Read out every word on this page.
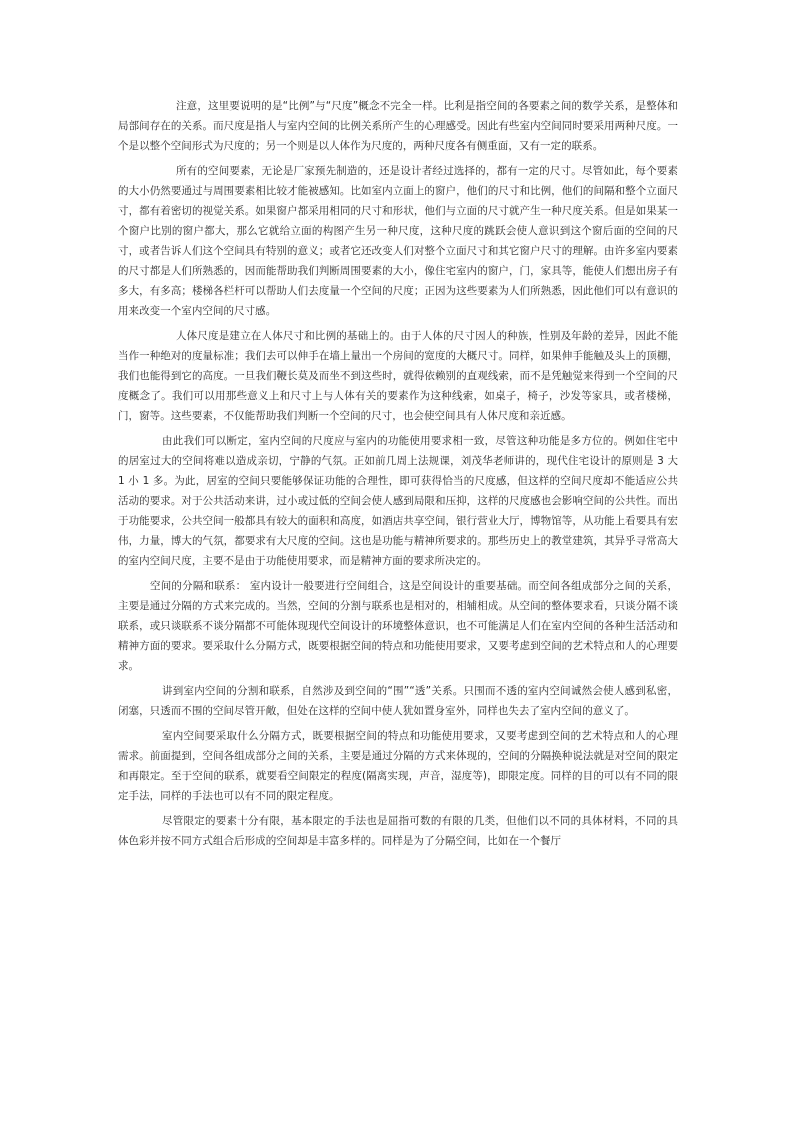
注意，这里要说明的是“比例”与“尺度”概念不完全一样。比利是指空间的各要素之间的数学关系，是整体和局部间存在的关系。而尺度是指人与室内空间的比例关系所产生的心理感受。因此有些室内空间同时要采用两种尺度。一个是以整个空间形式为尺度的；另一个则是以人体作为尺度的，两种尺度各有侧重面，又有一定的联系。

所有的空间要素，无论是厂家预先制造的，还是设计者经过选择的，都有一定的尺寸。尽管如此，每个要素的大小仍然要通过与周围要素相比较才能被感知。比如室内立面上的窗户，他们的尺寸和比例，他们的间隔和整个立面尺寸，都有着密切的视觉关系。如果窗户都采用相同的尺寸和形状，他们与立面的尺寸就产生一种尺度关系。但是如果某一个窗户比别的窗户都大，那么它就给立面的构图产生另一种尺度，这种尺度的跳跃会使人意识到这个窗后面的空间的尺寸，或者告诉人们这个空间具有特别的意义；或者它还改变人们对整个立面尺寸和其它窗户尺寸的理解。由许多室内要素的尺寸都是人们所熟悉的，因而能帮助我们判断周围要素的大小，像住宅室内的窗户，门，家具等，能使人们想出房子有多大，有多高；楼梯各栏杆可以帮助人们去度量一个空间的尺度；正因为这些要素为人们所熟悉，因此他们可以有意识的用来改变一个室内空间的尺寸感。

人体尺度是建立在人体尺寸和比例的基础上的。由于人体的尺寸因人的种族，性别及年龄的差异，因此不能当作一种绝对的度量标准；我们去可以伸手在墙上量出一个房间的宽度的大概尺寸。同样，如果伸手能触及头上的顶棚，我们也能得到它的高度。一旦我们鞭长莫及而坐不到这些时，就得依赖别的直观线索，而不是凭触觉来得到一个空间的尺度概念了。我们可以用那些意义上和尺寸上与人体有关的要素作为这种线索，如桌子，椅子，沙发等家具，或者楼梯，门，窗等。这些要素，不仅能帮助我们判断一个空间的尺寸，也会使空间具有人体尺度和亲近感。

由此我们可以断定，室内空间的尺度应与室内的功能使用要求相一致，尽管这种功能是多方位的。例如住宅中的居室过大的空间将难以造成亲切，宁静的气氛。正如前几周上法规课，刘茂华老师讲的，现代住宅设计的原则是 3 大 1 小 1 多。为此，居室的空间只要能够保证功能的合理性，即可获得恰当的尺度感，但这样的空间尺度却不能适应公共活动的要求。对于公共活动来讲，过小或过低的空间会使人感到局限和压抑，这样的尺度感也会影响空间的公共性。而出于功能要求，公共空间一般都具有较大的面积和高度，如酒店共享空间，银行营业大厅，博物馆等，从功能上看要具有宏伟，力量，博大的气氛，都要求有大尺度的空间。这也是功能与精神所要求的。那些历史上的教堂建筑，其异乎寻常高大的室内空间尺度，主要不是由于功能使用要求，而是精神方面的要求所决定的。

空间的分隔和联系： 室内设计一般要进行空间组合，这是空间设计的重要基础。而空间各组成部分之间的关系，主要是通过分隔的方式来完成的。当然，空间的分割与联系也是相对的，相辅相成。从空间的整体要求看，只谈分隔不谈联系，或只谈联系不谈分隔都不可能体现现代空间设计的环境整体意识，也不可能满足人们在室内空间的各种生活活动和精神方面的要求。要采取什么分隔方式，既要根据空间的特点和功能使用要求，又要考虑到空间的艺术特点和人的心理要求。

讲到室内空间的分割和联系，自然涉及到空间的“围”“透”关系。只围而不透的室内空间诚然会使人感到私密，闭塞，只透而不围的空间尽管开敞，但处在这样的空间中使人犹如置身室外，同样也失去了室内空间的意义了。

室内空间要采取什么分隔方式，既要根据空间的特点和功能使用要求，又要考虑到空间的艺术特点和人的心理需求。前面提到，空间各组成部分之间的关系，主要是通过分隔的方式来体现的，空间的分隔换种说法就是对空间的限定和再限定。至于空间的联系，就要看空间限定的程度(隔离实现，声音，湿度等)，即限定度。同样的目的可以有不同的限定手法，同样的手法也可以有不同的限定程度。

尽管限定的要素十分有限，基本限定的手法也是屈指可数的有限的几类，但他们以不同的具体材料，不同的具体色彩并按不同方式组合后形成的空间却是丰富多样的。同样是为了分隔空间，比如在一个餐厅
